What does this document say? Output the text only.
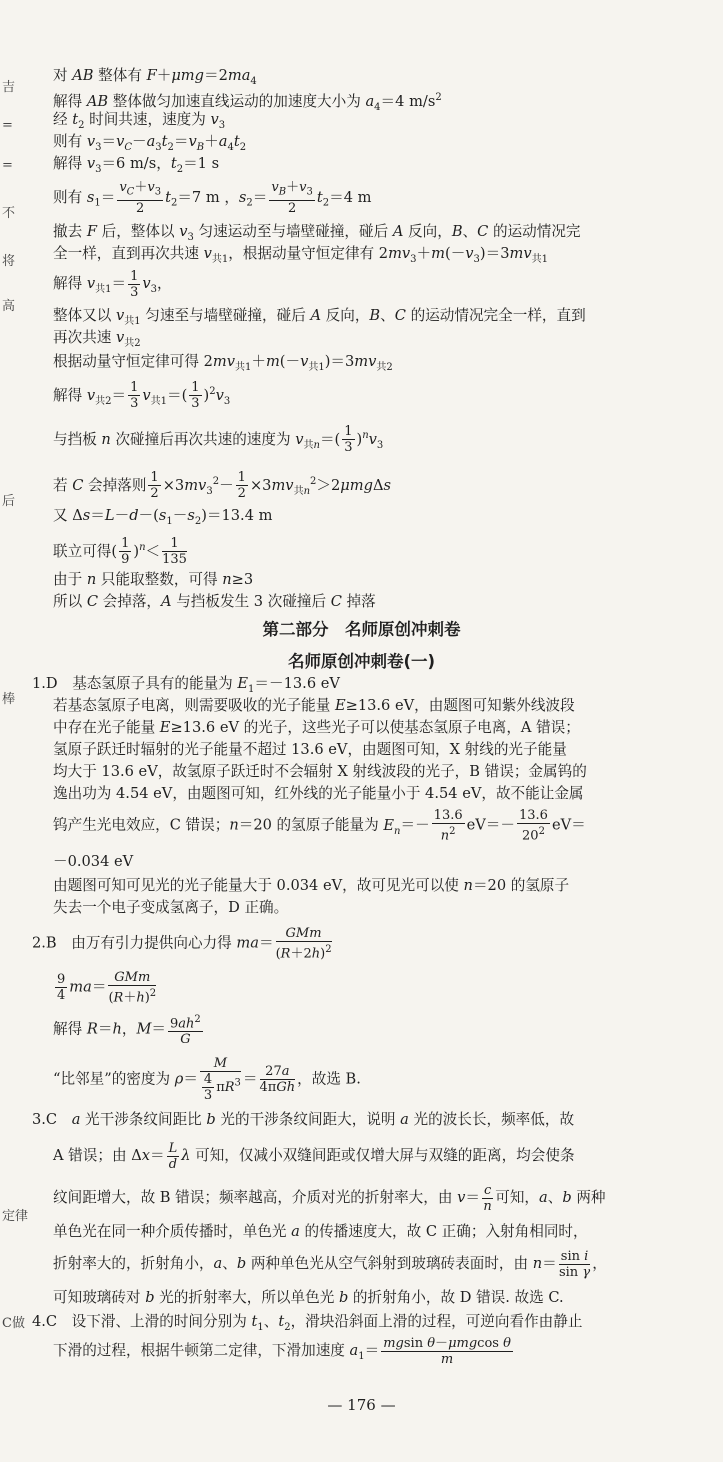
吉
=
=
不
将
高
后
棒
定律
C做
对 AB 整体有 $F+\mu mg=2ma_4$
解得 AB 整体做匀加速直线运动的加速度大小为 $a_4=4$ $m/s^2$
经 $t_2$ 时间共速，速度为 $v_3$
则有 $v_3=v_C-a_3t_2=v_B+a_4t_2$
解得 $v_3=6$ m/s，$t_2=1$ s
则有 $s_1= \frac{v_C+v_3}{2} t_2=7$ m ，$s_2= \frac{v_B+v_3}{2} t_2=4$ m
撤去 F 后，整体以 $v_3$ 匀速运动至与墙壁碰撞，碰后 A 反向，B、C 的运动情况完
全一样，直到再次共速 $v_{共1}$，根据动量守恒定律有 $2mv_3+m(-v_3)=3mv_{共1}$
解得 $v_{共1}= \frac{1}{3} v_3$，
整体又以 $v_{共1}$ 匀速至与墙壁碰撞，碰后 A 反向，B、C 的运动情况完全一样，直到
再次共速 $v_{共2}$
根据动量守恒定律可得 $2mv_{共1}+m(-v_{共1})=3mv_{共2}$
解得 $v_{共2}= \frac{1}{3} v_{共1}=( \frac{1}{3} )^2v_3$
与挡板 n 次碰撞后再次共速的速度为 $v_{共n}=( \frac{1}{3} )^nv_3$
若 C 会掉落则 $\frac{1}{2} \times 3mv_3^2- \frac{1}{2} \times 3mv_{共n}^2>2\mu mg\Delta s$
又 $\Delta s=L-d-(s_1-s_2)=13.4$ m
联立可得( $\frac{1}{9} )^n< \frac{1}{135}$
由于 n 只能取整数，可得 n≥3
所以 C 会掉落，A 与挡板发生 3 次碰撞后 C 掉落
第二部分　名师原创冲刺卷
名师原创冲刺卷(一)
1.D　基态氢原子具有的能量为 $E_1=-13.6$ eV
若基态氢原子电离，则需要吸收的光子能量 E≥13.6 eV，由题图可知紫外线波段
中存在光子能量 E≥13.6 eV 的光子，这些光子可以使基态氢原子电离，A 错误；
氢原子跃迁时辐射的光子能量不超过 13.6 eV，由题图可知，X 射线的光子能量
均大于 13.6 eV，故氢原子跃迁时不会辐射 X 射线波段的光子，B 错误；金属钨的
逸出功为 4.54 eV，由题图可知，红外线的光子能量小于 4.54 eV，故不能让金属
钨产生光电效应，C 错误；n＝20 的氢原子能量为 $E_n=- \frac{13.6}{n^2} eV=- \frac{13.6}{20^2} eV=$
－0.034 eV
由题图可知可见光的光子能量大于 0.034 eV，故可见光可以使 n＝20 的氢原子
失去一个电子变成氢离子，D 正确。
2.B　由万有引力提供向心力得 $ma= \frac{\text{GMm}}{(R+2h)^2}$
$\frac{9}{4} ma= \frac{\text{GMm}}{(R+h)^2}$
解得 R＝h，$M= \frac{9ah^2}{G}$
“比邻星”的密度为 $\rho= \frac{M}{\frac{4}{3} \pi R^3} = \frac{27a}{\text{4πGh}}$ ，故选 B.
3.C　a 光干涉条纹间距比 b 光的干涉条纹间距大，说明 a 光的波长长，频率低，故
A 错误；由 $\Delta x= \frac{L}{d}$ λ 可知，仅减小双缝间距或仅增大屏与双缝的距离，均会使条
纹间距增大，故 B 错误；频率越高，介质对光的折射率大，由 $v= \frac{c}{n}$ 可知，a、b 两种
单色光在同一种介质传播时，单色光 a 的传播速度大，故 C 正确；入射角相同时，
折射率大的，折射角小，a、b 两种单色光从空气斜射到玻璃砖表面时，由 $n= \frac{\text{sin i}}{\text{sin γ}}$ ，
可知玻璃砖对 b 光的折射率大，所以单色光 b 的折射角小，故 D 错误. 故选 C.
4.C　设下滑、上滑的时间分别为 $t_1$、$t_2$，滑块沿斜面上滑的过程，可逆向看作由静止
下滑的过程，根据牛顿第二定律，下滑加速度 $a_1= \frac{\text{mgsin θ－μmgcos θ}}{m}$
— 176 —
